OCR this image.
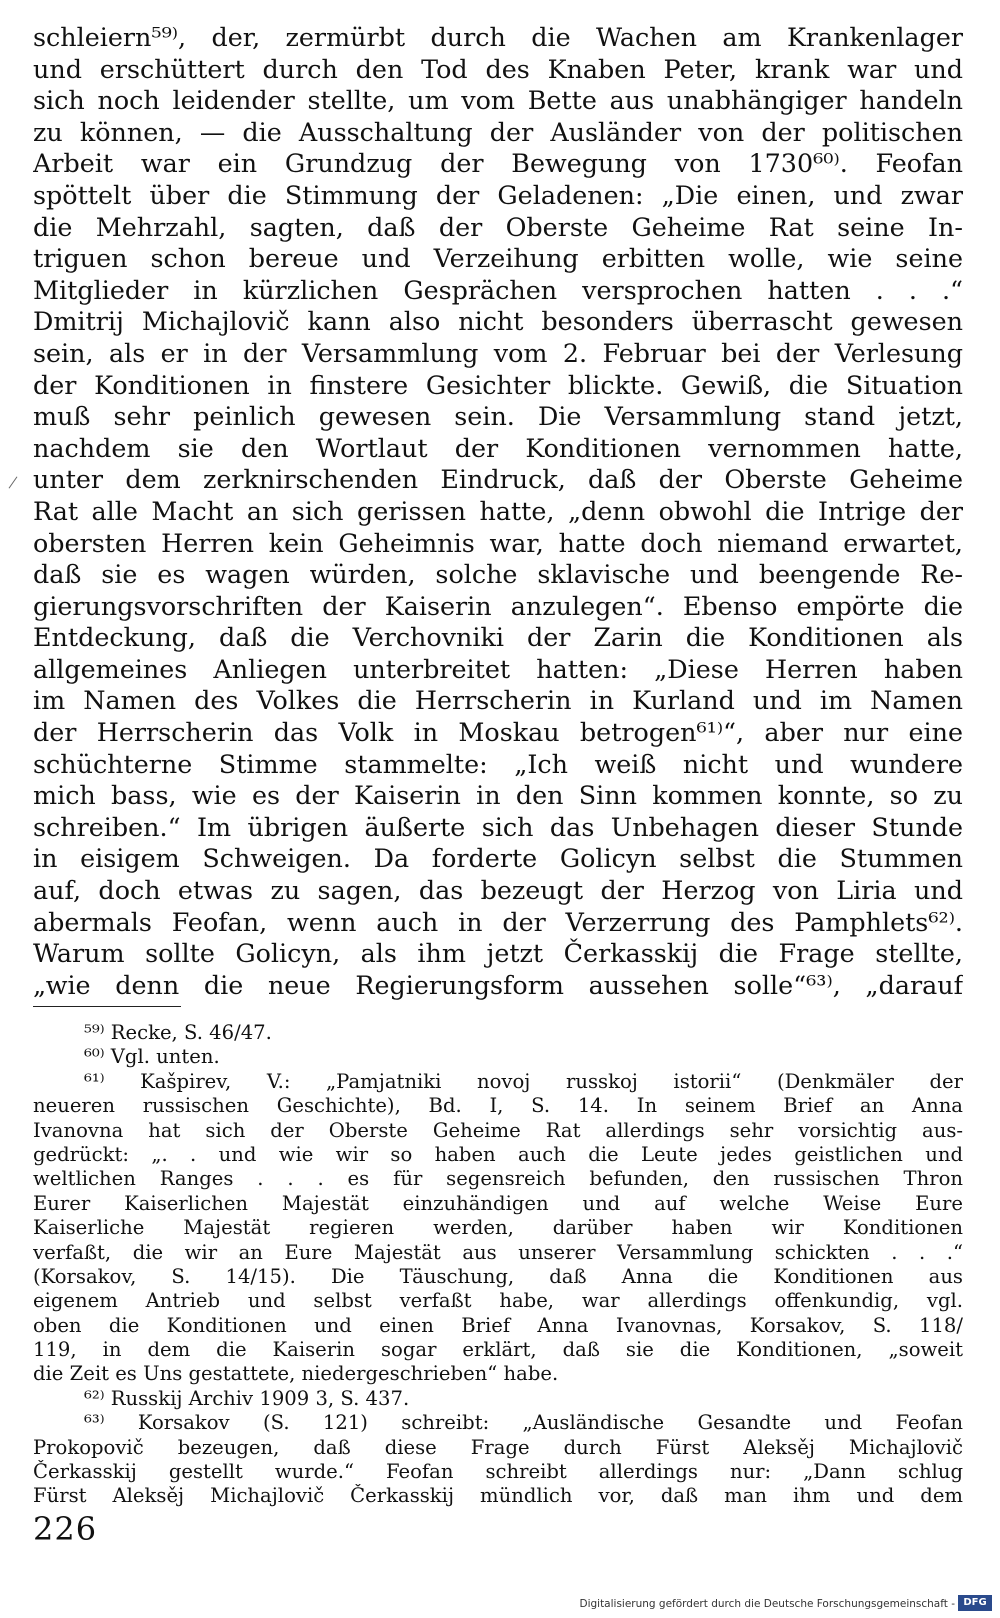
schleiern⁵⁹⁾, der, zermürbt durch die Wachen am Krankenlager
und erschüttert durch den Tod des Knaben Peter, krank war und
sich noch leidender stellte, um vom Bette aus unabhängiger handeln
zu können, — die Ausschaltung der Ausländer von der politischen
Arbeit war ein Grundzug der Bewegung von 1730⁶⁰⁾. Feofan
spöttelt über die Stimmung der Geladenen: „Die einen, und zwar
die Mehrzahl, sagten, daß der Oberste Geheime Rat seine In-
triguen schon bereue und Verzeihung erbitten wolle, wie seine
Mitglieder in kürzlichen Gesprächen versprochen hatten . . .“
Dmitrij Michajlovič kann also nicht besonders überrascht gewesen
sein, als er in der Versammlung vom 2. Februar bei der Verlesung
der Konditionen in finstere Gesichter blickte. Gewiß, die Situation
muß sehr peinlich gewesen sein. Die Versammlung stand jetzt,
nachdem sie den Wortlaut der Konditionen vernommen hatte,
unter dem zerknirschenden Eindruck, daß der Oberste Geheime
Rat alle Macht an sich gerissen hatte, „denn obwohl die Intrige der
obersten Herren kein Geheimnis war, hatte doch niemand erwartet,
daß sie es wagen würden, solche sklavische und beengende Re-
gierungsvorschriften der Kaiserin anzulegen“. Ebenso empörte die
Entdeckung, daß die Verchovniki der Zarin die Konditionen als
allgemeines Anliegen unterbreitet hatten: „Diese Herren haben
im Namen des Volkes die Herrscherin in Kurland und im Namen
der Herrscherin das Volk in Moskau betrogen⁶¹⁾“, aber nur eine
schüchterne Stimme stammelte: „Ich weiß nicht und wundere
mich bass, wie es der Kaiserin in den Sinn kommen konnte, so zu
schreiben.“ Im übrigen äußerte sich das Unbehagen dieser Stunde
in eisigem Schweigen. Da forderte Golicyn selbst die Stummen
auf, doch etwas zu sagen, das bezeugt der Herzog von Liria und
abermals Feofan, wenn auch in der Verzerrung des Pamphlets⁶²⁾.
Warum sollte Golicyn, als ihm jetzt Čerkasskij die Frage stellte,
„wie denn die neue Regierungsform aussehen solle“⁶³⁾, „darauf
⁵⁹⁾ Recke, S. 46/47.
⁶⁰⁾ Vgl. unten.
⁶¹⁾ Kašpirev, V.: „Pamjatniki novoj russkoj istorii“ (Denkmäler der
neueren russischen Geschichte), Bd. I, S. 14. In seinem Brief an Anna
Ivanovna hat sich der Oberste Geheime Rat allerdings sehr vorsichtig aus-
gedrückt: „. . und wie wir so haben auch die Leute jedes geistlichen und
weltlichen Ranges . . . es für segensreich befunden, den russischen Thron
Eurer Kaiserlichen Majestät einzuhändigen und auf welche Weise Eure
Kaiserliche Majestät regieren werden, darüber haben wir Konditionen
verfaßt, die wir an Eure Majestät aus unserer Versammlung schickten . . .“
(Korsakov, S. 14/15). Die Täuschung, daß Anna die Konditionen aus
eigenem Antrieb und selbst verfaßt habe, war allerdings offenkundig, vgl.
oben die Konditionen und einen Brief Anna Ivanovnas, Korsakov, S. 118/
119, in dem die Kaiserin sogar erklärt, daß sie die Konditionen, „soweit
die Zeit es Uns gestattete, niedergeschrieben“ habe.
⁶²⁾ Russkij Archiv 1909 3, S. 437.
⁶³⁾ Korsakov (S. 121) schreibt: „Ausländische Gesandte und Feofan
Prokopovič bezeugen, daß diese Frage durch Fürst Aleksěj Michajlovič
Čerkasskij gestellt wurde.“ Feofan schreibt allerdings nur: „Dann schlug
Fürst Aleksěj Michajlovič Čerkasskij mündlich vor, daß man ihm und dem
226
Digitalisierung gefördert durch die Deutsche Forschungsgemeinschaft - DFG
